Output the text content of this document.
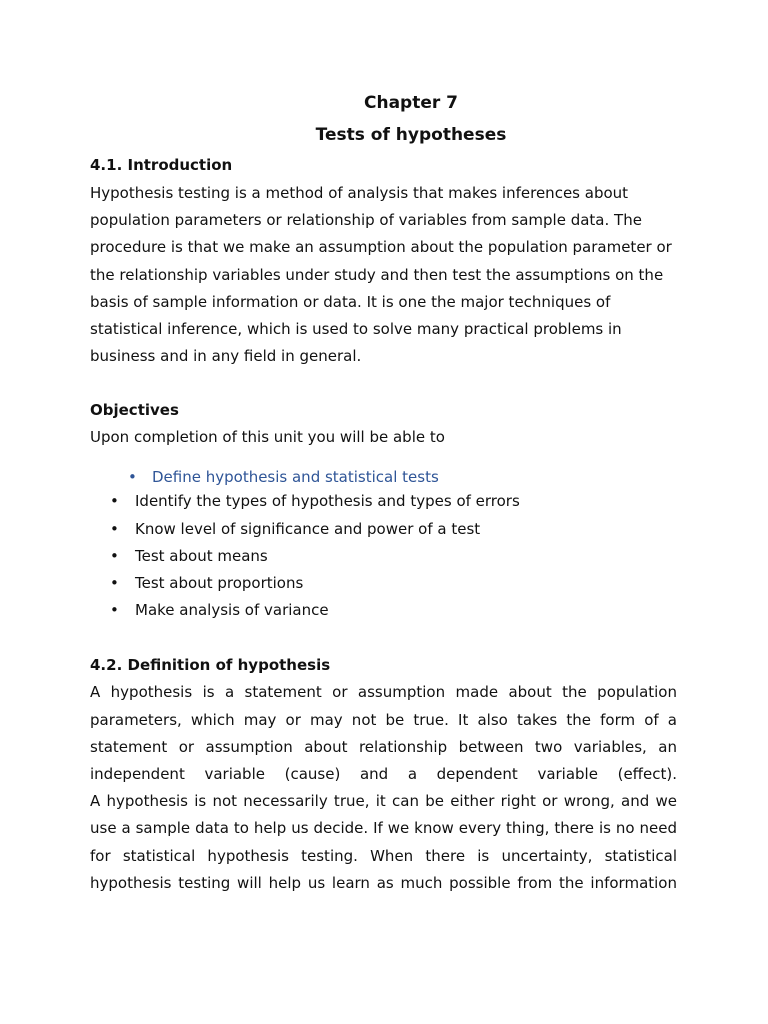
Chapter 7

Tests of hypotheses

4.1. Introduction

Hypothesis testing is a method of analysis that makes inferences about
population parameters or relationship of variables from sample data. The
procedure is that we make an assumption about the population parameter or
the relationship variables under study and then test the assumptions on the
basis of sample information or data. It is one the major techniques of
statistical inference, which is used to solve many practical problems in
business and in any field in general.

Objectives

Upon completion of this unit you will be able to

• Define hypothesis and statistical tests
• Identify the types of hypothesis and types of errors
• Know level of significance and power of a test
• Test about means
• Test about proportions
• Make analysis of variance

4.2. Definition of hypothesis

A hypothesis is a statement or assumption made about the population
parameters, which may or may not be true. It also takes the form of a
statement or assumption about relationship between two variables, an
independent variable (cause) and a dependent variable (effect).
A hypothesis is not necessarily true, it can be either right or wrong, and we
use a sample data to help us decide. If we know every thing, there is no need
for statistical hypothesis testing. When there is uncertainty, statistical
hypothesis testing will help us learn as much possible from the information
